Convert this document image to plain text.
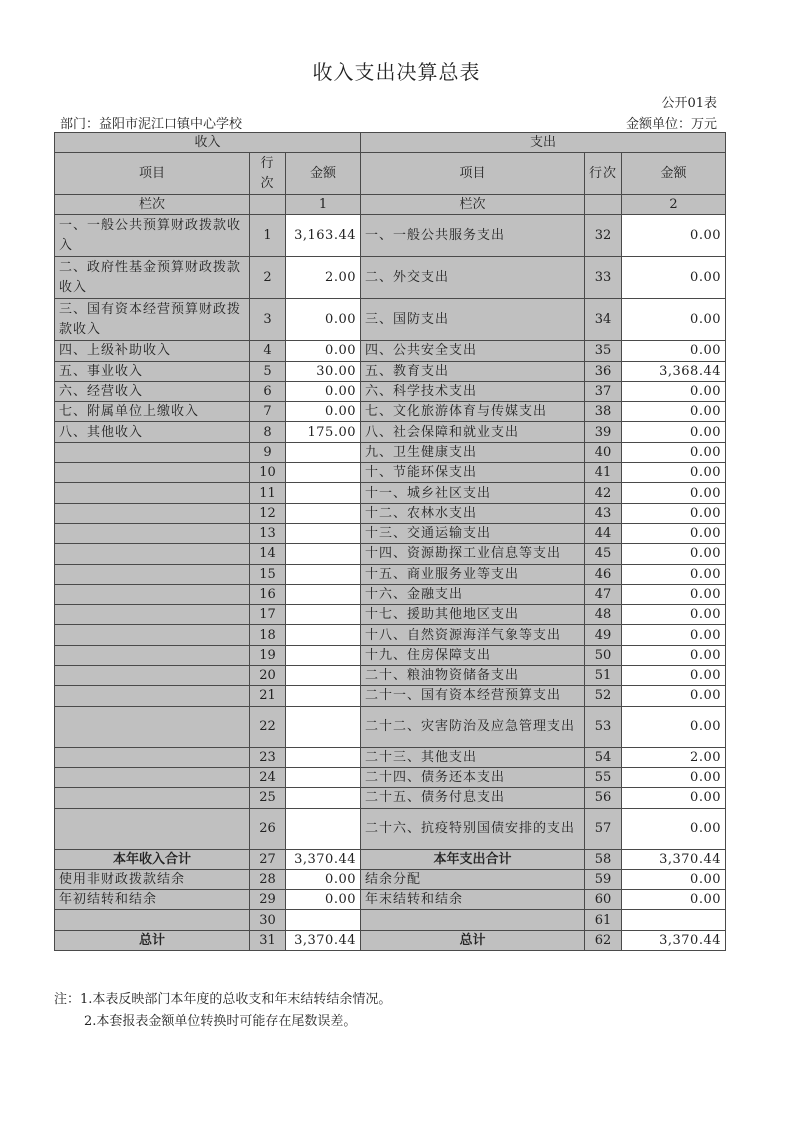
收入支出决算总表
公开01表
部门：益阳市泥江口镇中心学校	金额单位：万元
收入			支出		
项目	行次	金额	项目	行次	金额
栏次		1	栏次		2
一、一般公共预算财政拨款收入	1	3,163.44	一、一般公共服务支出	32	0.00
二、政府性基金预算财政拨款收入	2	2.00	二、外交支出	33	0.00
三、国有资本经营预算财政拨款收入	3	0.00	三、国防支出	34	0.00
四、上级补助收入	4	0.00	四、公共安全支出	35	0.00
五、事业收入	5	30.00	五、教育支出	36	3,368.44
六、经营收入	6	0.00	六、科学技术支出	37	0.00
七、附属单位上缴收入	7	0.00	七、文化旅游体育与传媒支出	38	0.00
八、其他收入	8	175.00	八、社会保障和就业支出	39	0.00
	9		九、卫生健康支出	40	0.00
	10		十、节能环保支出	41	0.00
	11		十一、城乡社区支出	42	0.00
	12		十二、农林水支出	43	0.00
	13		十三、交通运输支出	44	0.00
	14		十四、资源勘探工业信息等支出	45	0.00
	15		十五、商业服务业等支出	46	0.00
	16		十六、金融支出	47	0.00
	17		十七、援助其他地区支出	48	0.00
	18		十八、自然资源海洋气象等支出	49	0.00
	19		十九、住房保障支出	50	0.00
	20		二十、粮油物资储备支出	51	0.00
	21		二十一、国有资本经营预算支出	52	0.00
	22		二十二、灾害防治及应急管理支出	53	0.00
	23		二十三、其他支出	54	2.00
	24		二十四、债务还本支出	55	0.00
	25		二十五、债务付息支出	56	0.00
	26		二十六、抗疫特别国债安排的支出	57	0.00
本年收入合计	27	3,370.44	本年支出合计	58	3,370.44
使用非财政拨款结余	28	0.00	结余分配	59	0.00
年初结转和结余	29	0.00	年末结转和结余	60	0.00
	30			61	
总计	31	3,370.44	总计	62	3,370.44
注：1.本表反映部门本年度的总收支和年末结转结余情况。
2.本套报表金额单位转换时可能存在尾数误差。
